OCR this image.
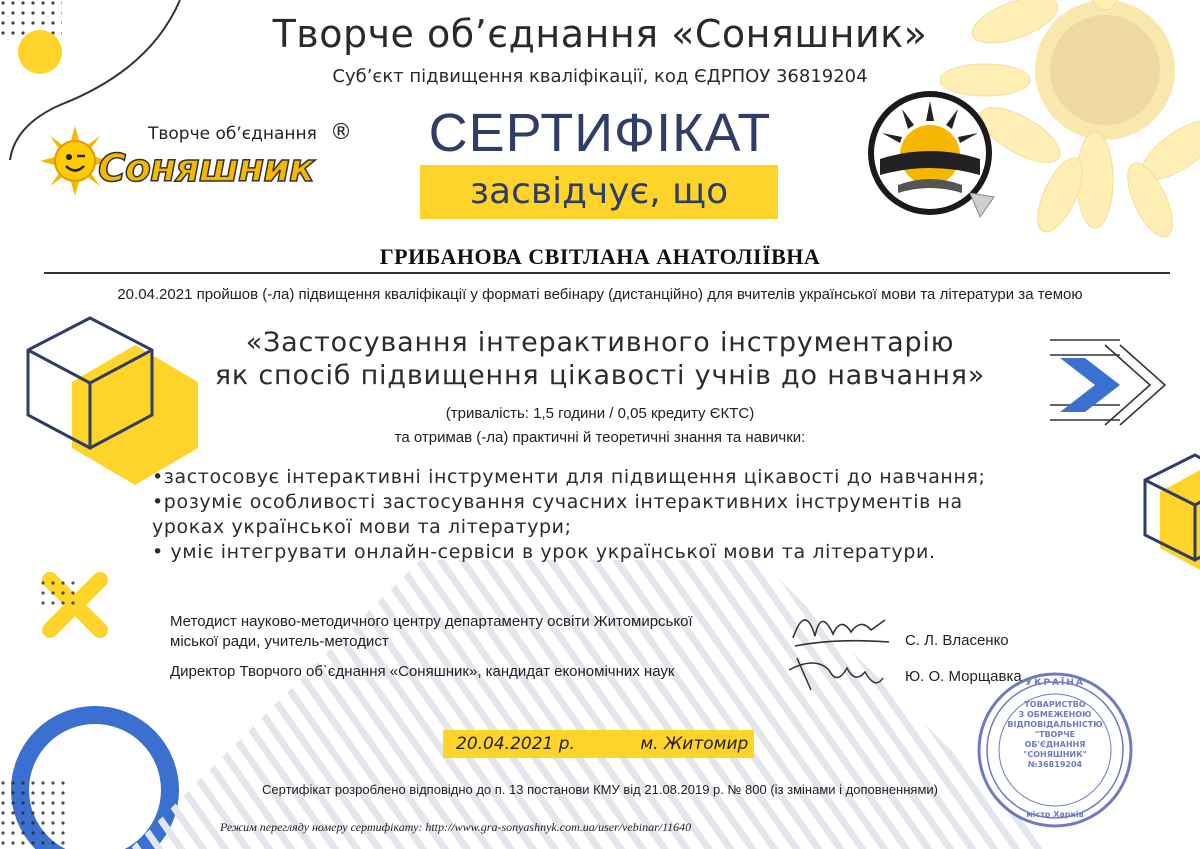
Творче об’єднання ®
Соняшник
Творче об’єднання «Соняшник»
Суб’єкт підвищення кваліфікації, код ЄДРПОУ 36819204
СЕРТИФІКАТ
засвідчує, що
ГРИБАНОВА СВІТЛАНА АНАТОЛІЇВНА
20.04.2021 пройшов (-ла) підвищення кваліфікації у форматі вебінару (дистанційно) для вчителів української мови та літератури за темою
«Застосування інтерактивного інструментарію
як спосіб підвищення цікавості учнів до навчання»
(тривалість: 1,5 години / 0,05 кредиту ЄКТС)
та отримав (-ла) практичні й теоретичні знання та навички:
•застосовує інтерактивні інструменти для підвищення цікавості до навчання;
•розуміє особливості застосування сучасних інтерактивних інструментів на
уроках української мови та літератури;
• уміє інтегрувати онлайн-сервіси в урок української мови та літератури.
Методист науково-методичного центру департаменту освіти Житомирської
міської ради, учитель-методист	С. Л. Власенко
Директор Творчого об`єднання «Соняшник», кандидат економічних наук	Ю. О. Морщавка
20.04.2021 р.	м. Житомир
Сертифікат розроблено відповідно до п. 13 постанови КМУ від 21.08.2019 р. № 800 (із змінами і доповненнями)
Режим перегляду номеру сертифікату: http://www.gra-sonyashnyk.com.ua/user/vebinar/11640
УКРАЇНА
ТОВАРИСТВО
З ОБМЕЖЕНОЮ
ВІДПОВІДАЛЬНІСТЮ
"ТВОРЧЕ
ОБ'ЄДНАННЯ
"СОНЯШНИК"
№36819204
місто Харків
